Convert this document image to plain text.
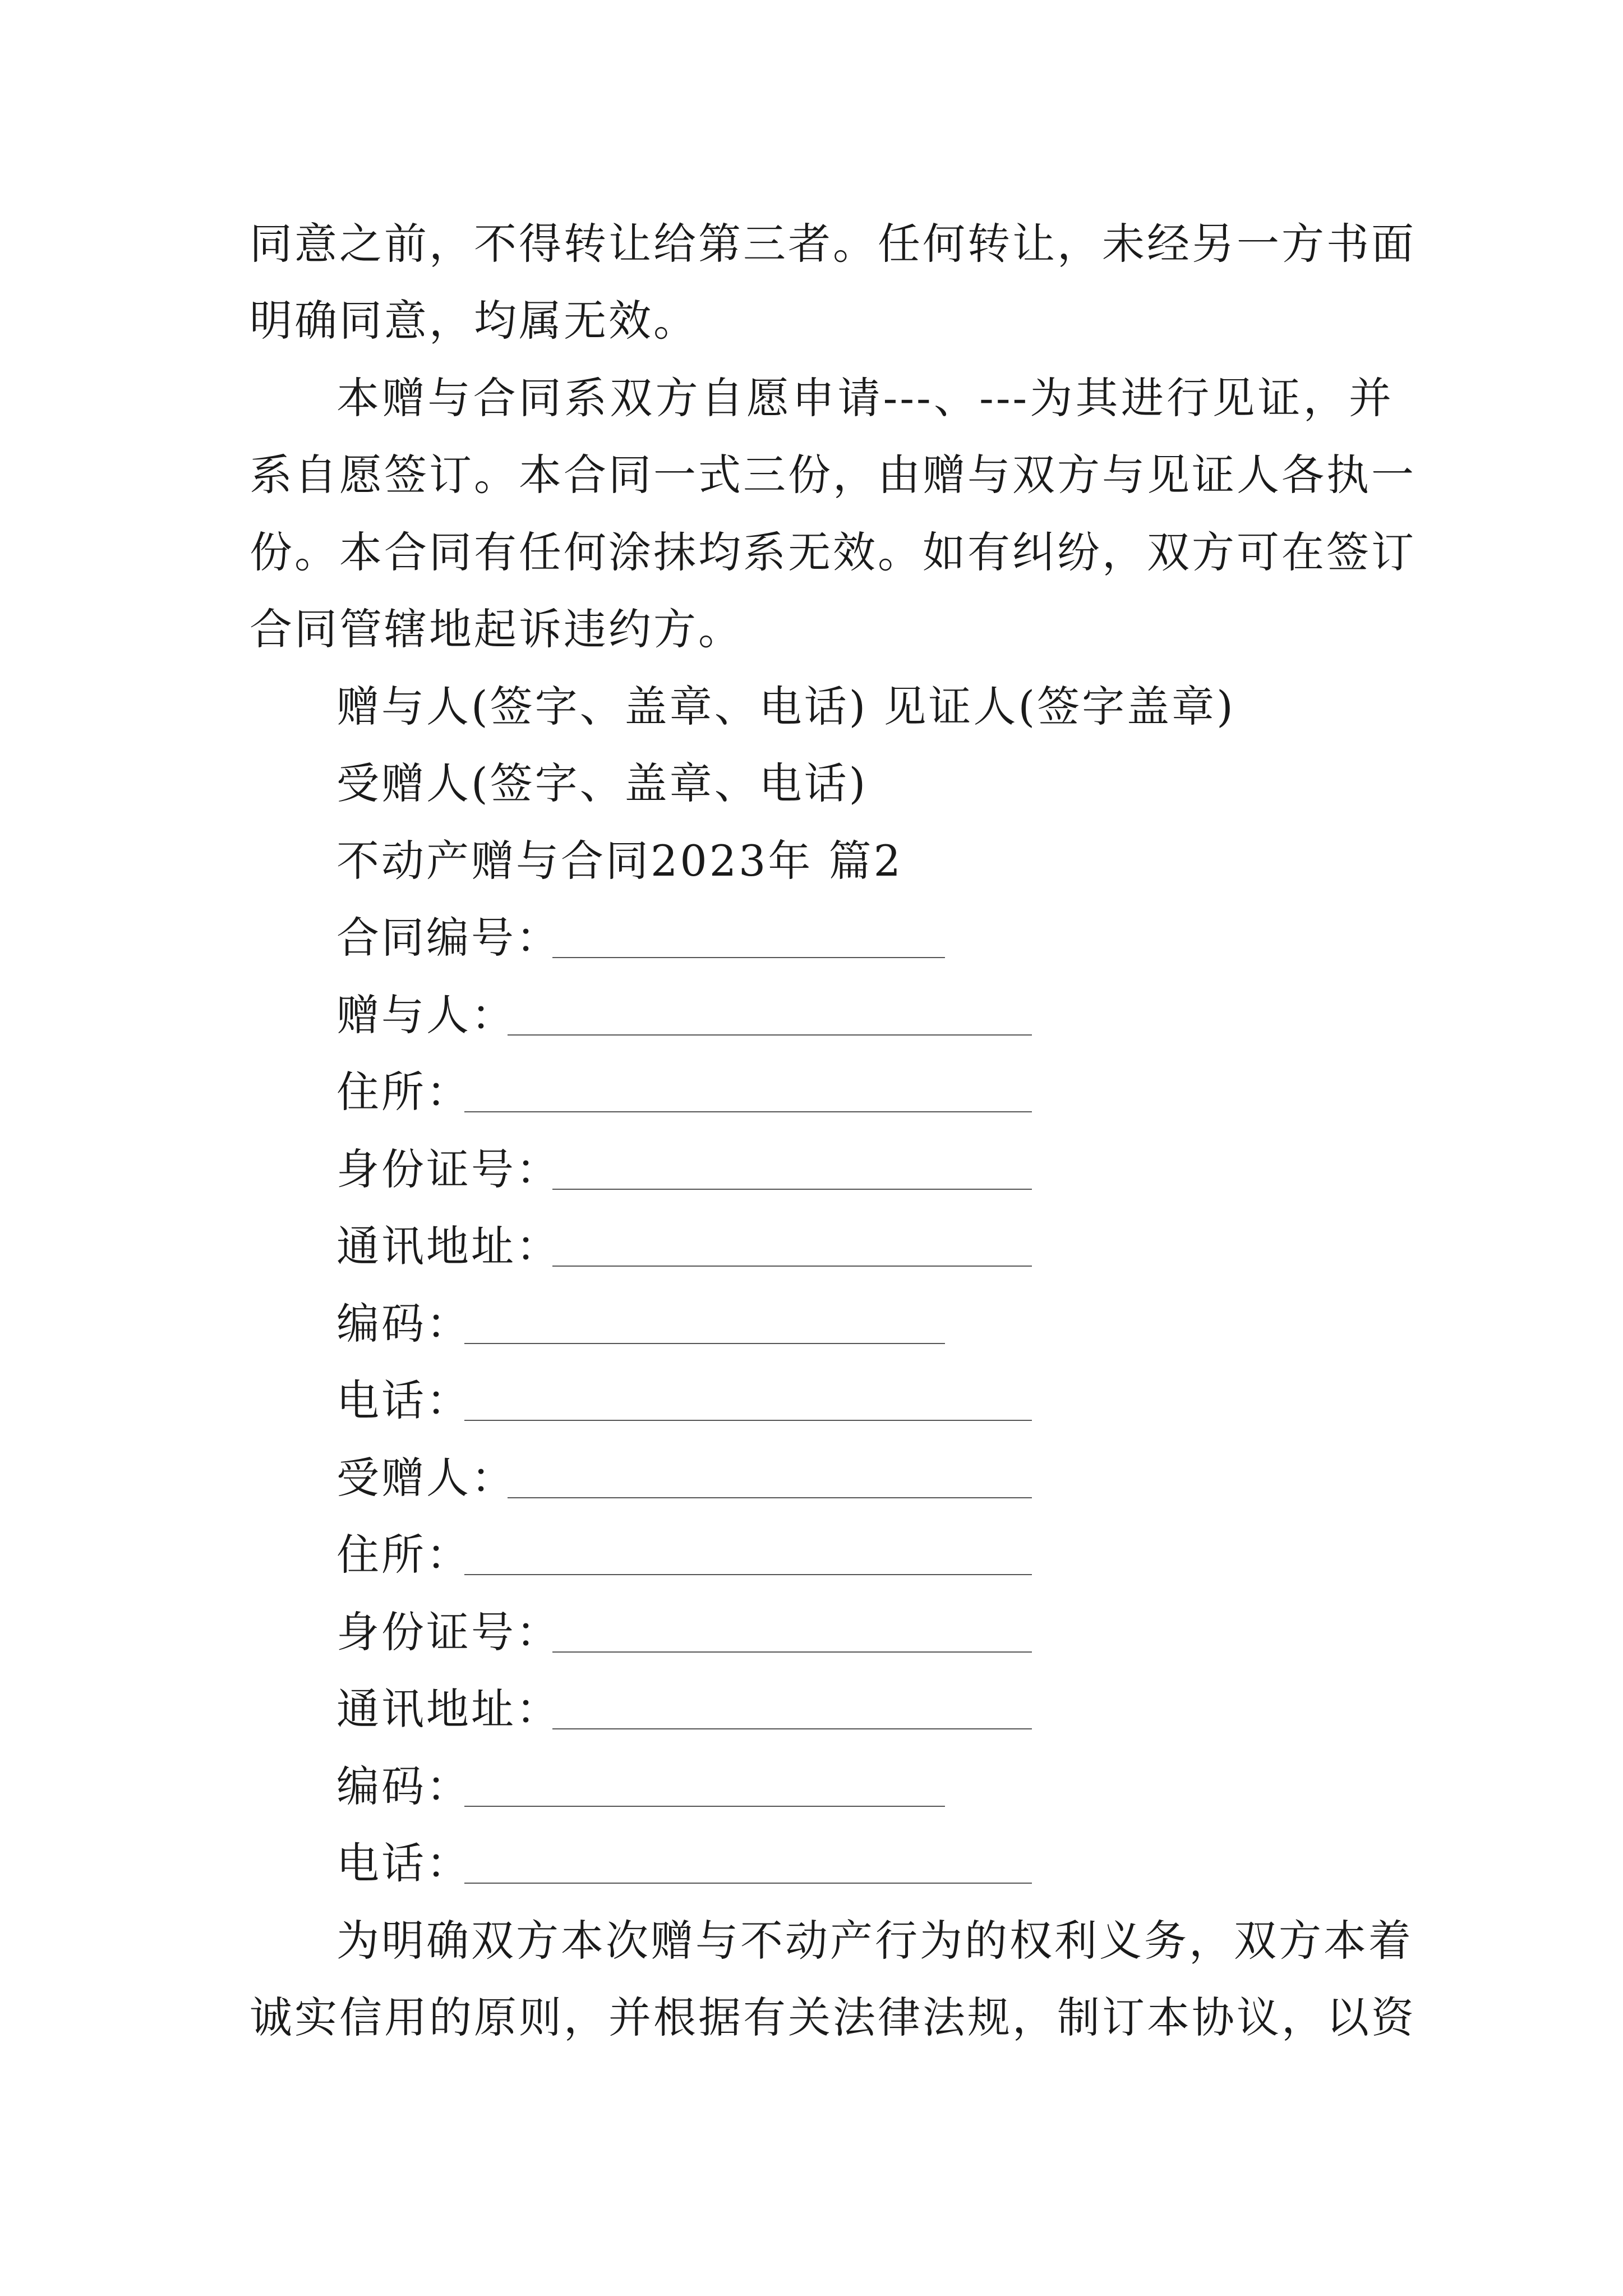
同意之前，不得转让给第三者。任何转让，未经另一方书面
明确同意，均属无效。
本赠与合同系双方自愿申请---、---为其进行见证，并
系自愿签订。本合同一式三份，由赠与双方与见证人各执一
份。本合同有任何涂抹均系无效。如有纠纷，双方可在签订
合同管辖地起诉违约方。
赠与人(签字、盖章、电话) 见证人(签字盖章)
受赠人(签字、盖章、电话)
不动产赠与合同2023年 篇2
合同编号：
赠与人：
住所：
身份证号：
通讯地址：
编码：
电话：
受赠人：
住所：
身份证号：
通讯地址：
编码：
电话：
为明确双方本次赠与不动产行为的权利义务，双方本着
诚实信用的原则，并根据有关法律法规，制订本协议，以资
